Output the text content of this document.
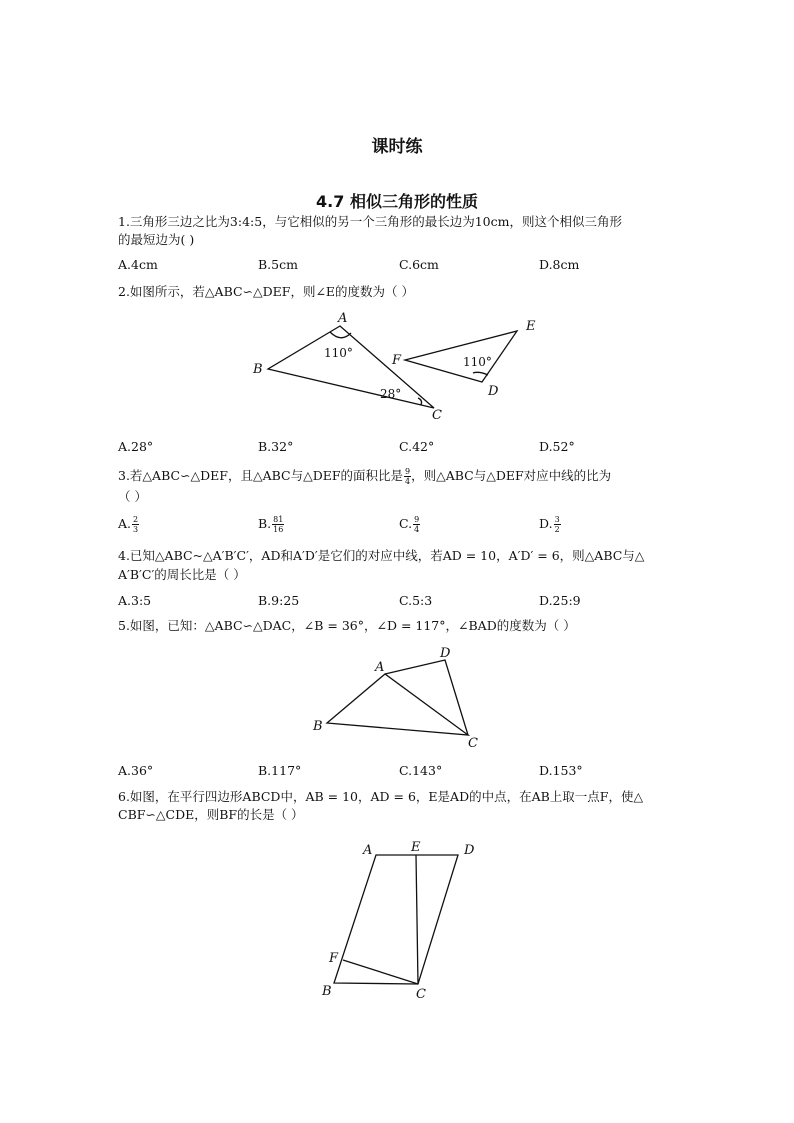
课时练
4.7 相似三角形的性质
1.三角形三边之比为3:4:5，与它相似的另一个三角形的最长边为10cm，则这个相似三角形
的最短边为( )
A.4cm	B.5cm	C.6cm	D.8cm
2.如图所示，若△ABC∽△DEF，则∠E的度数为（ ）
A
B
C
D
E
F
110°
28°
110°
A.28°	B.32°	C.42°	D.52°
3.若△ABC∽△DEF，且△ABC与△DEF的面积比是 $\frac{9}{4}$ ，则△ABC与△DEF对应中线的比为
（ ）
A. $\frac{2}{3}$	B. $\frac{81}{16}$	C. $\frac{9}{4}$	D. $\frac{3}{2}$
4.已知△ABC~△A′B′C′，AD和A′D′是它们的对应中线，若AD = 10，A′D′ = 6，则△ABC与△
A′B′C′的周长比是（ ）
A.3:5	B.9:25	C.5:3	D.25:9
5.如图，已知：△ABC∽△DAC，∠B = 36°，∠D = 117°，∠BAD的度数为（ ）
A
B
C
D
A.36°	B.117°	C.143°	D.153°
6.如图，在平行四边形ABCD中，AB = 10，AD = 6，E是AD的中点，在AB上取一点F，使△
CBF∽△CDE，则BF的长是（ ）
A
B	C
D
E
F
